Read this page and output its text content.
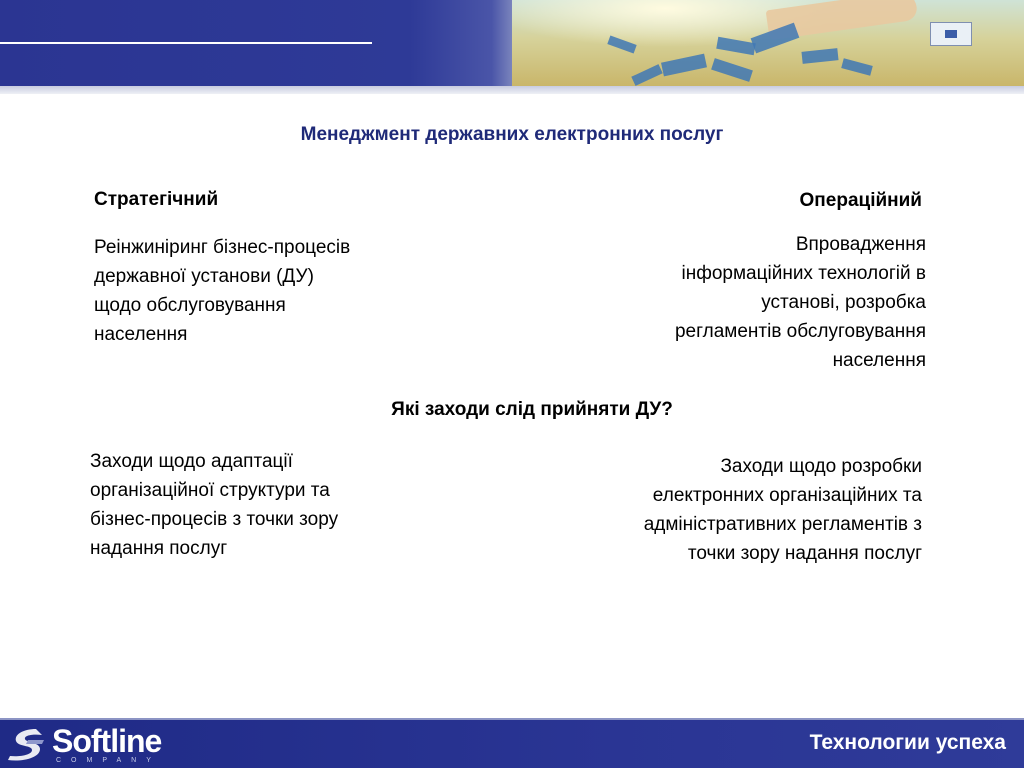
Менеджмент державних електронних послуг
Стратегічний	Операційний
Реінжиніринг бізнес-процесів
державної установи (ДУ)
щодо обслуговування
населення
Впровадження
інформаційних технологій в
установі, розробка
регламентів обслуговування
населення
Які заходи слід прийняти ДУ?
Заходи щодо адаптації
організаційної структури та
бізнес-процесів з точки зору
надання послуг
Заходи щодо розробки
електронних організаційних та
адміністративних регламентів з
точки зору надання послуг
Softline
COMPANY
Технологии успеха
